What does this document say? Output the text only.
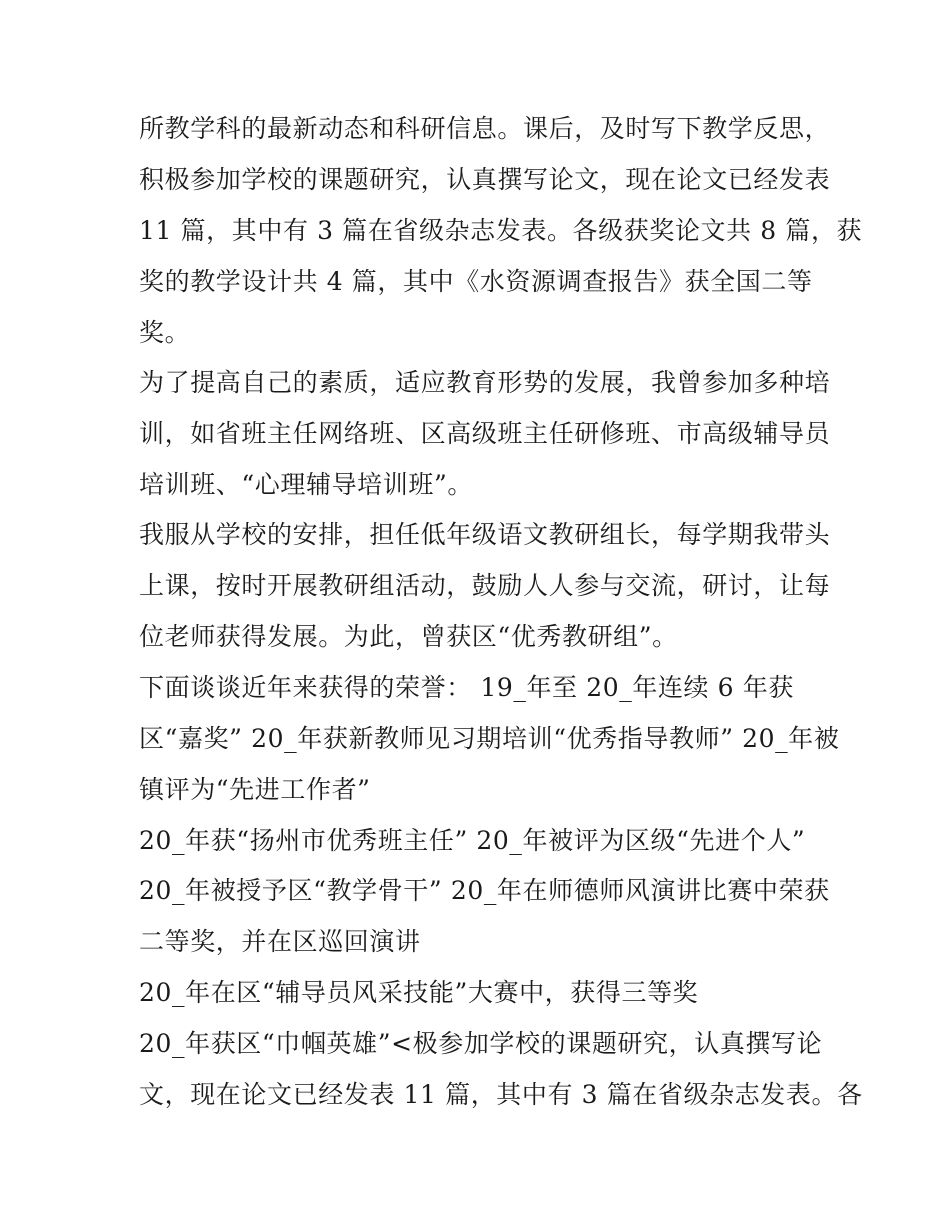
所教学科的最新动态和科研信息。课后，及时写下教学反思，
积极参加学校的课题研究，认真撰写论文，现在论文已经发表
11 篇，其中有 3 篇在省级杂志发表。各级获奖论文共 8 篇，获
奖的教学设计共 4 篇，其中《水资源调查报告》获全国二等
奖。
为了提高自己的素质，适应教育形势的发展，我曾参加多种培
训，如省班主任网络班、区高级班主任研修班、市高级辅导员
培训班、“心理辅导培训班”。
我服从学校的安排，担任低年级语文教研组长，每学期我带头
上课，按时开展教研组活动，鼓励人人参与交流，研讨，让每
位老师获得发展。为此，曾获区“优秀教研组”。
下面谈谈近年来获得的荣誉： 19_年至 20_年连续 6 年获
区“嘉奖” 20_年获新教师见习期培训“优秀指导教师” 20_年被
镇评为“先进工作者”
20_年获“扬州市优秀班主任” 20_年被评为区级“先进个人”
20_年被授予区“教学骨干” 20_年在师德师风演讲比赛中荣获
二等奖，并在区巡回演讲
20_年在区“辅导员风采技能”大赛中，获得三等奖
20_年获区“巾帼英雄”<极参加学校的课题研究，认真撰写论
文，现在论文已经发表 11 篇，其中有 3 篇在省级杂志发表。各
